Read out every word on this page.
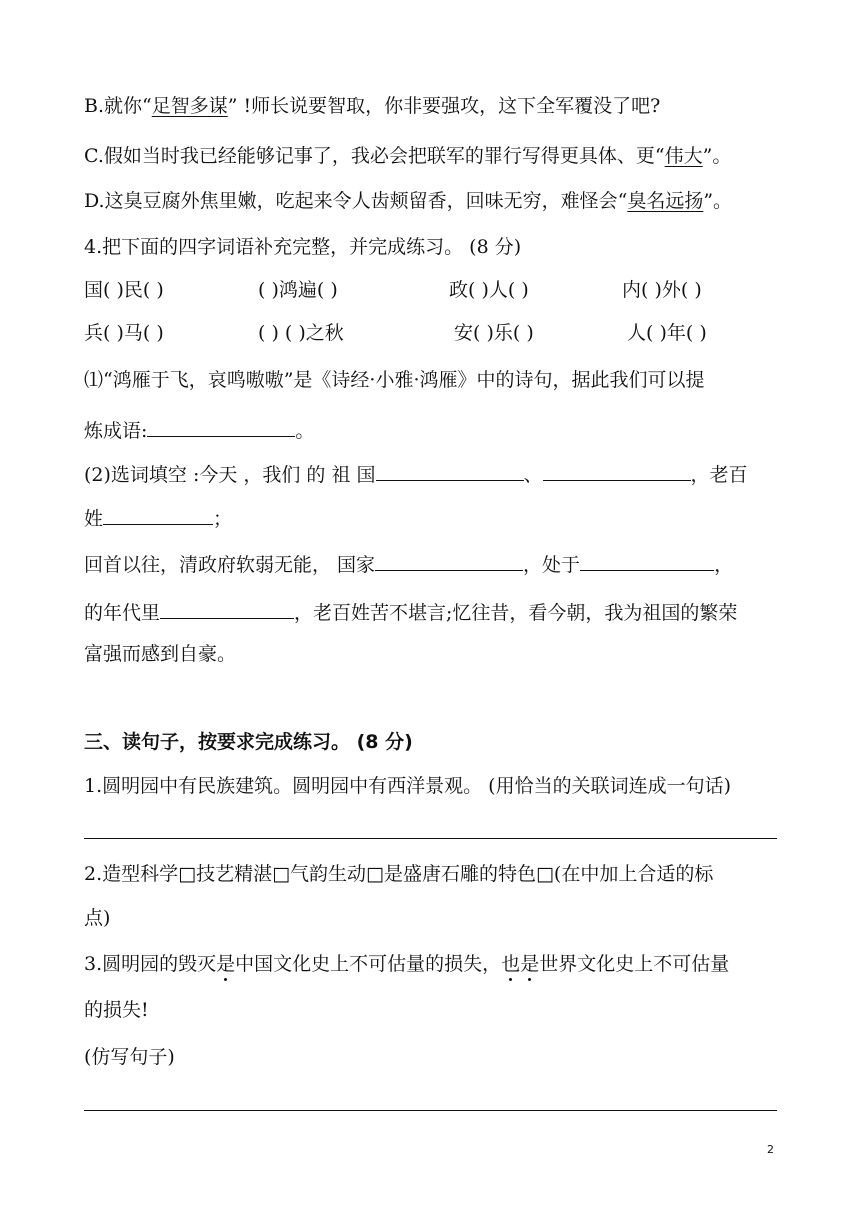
B.就你“足智多谋” !师长说要智取，你非要强攻，这下全军覆没了吧?
C.假如当时我已经能够记事了，我必会把联军的罪行写得更具体、更“伟大”。
D.这臭豆腐外焦里嫩，吃起来令人齿颊留香，回味无穷，难怪会“臭名远扬”。
4.把下面的四字词语补充完整，并完成练习。 (8 分)
国( )民( )	( )鸿遍( )	政( )人( )	内( )外( )
兵( )马( )	( ) ( )之秋	安( )乐( )	人( )年( )
⑴“鸿雁于飞，哀鸣嗷嗷”是《诗经·小雅·鸿雁》中的诗句，据此我们可以提
炼成语:	。
(2)选词填空 :今天 ，我们 的 祖 国	、	，老百
姓	；
回首以往，清政府软弱无能， 国家	，处于	，
的年代里	，老百姓苦不堪言;忆往昔，看今朝，我为祖国的繁荣
富强而感到自豪。
三、读句子，按要求完成练习。 (8 分)
1.圆明园中有民族建筑。圆明园中有西洋景观。 (用恰当的关联词连成一句话)
2.造型科学□技艺精湛□气韵生动□是盛唐石雕的特色□(在中加上合适的标
点)
3.圆明园的毁灭是中国文化史上不可估量的损失，也是世界文化史上不可估量
的损失!
(仿写句子)
2
